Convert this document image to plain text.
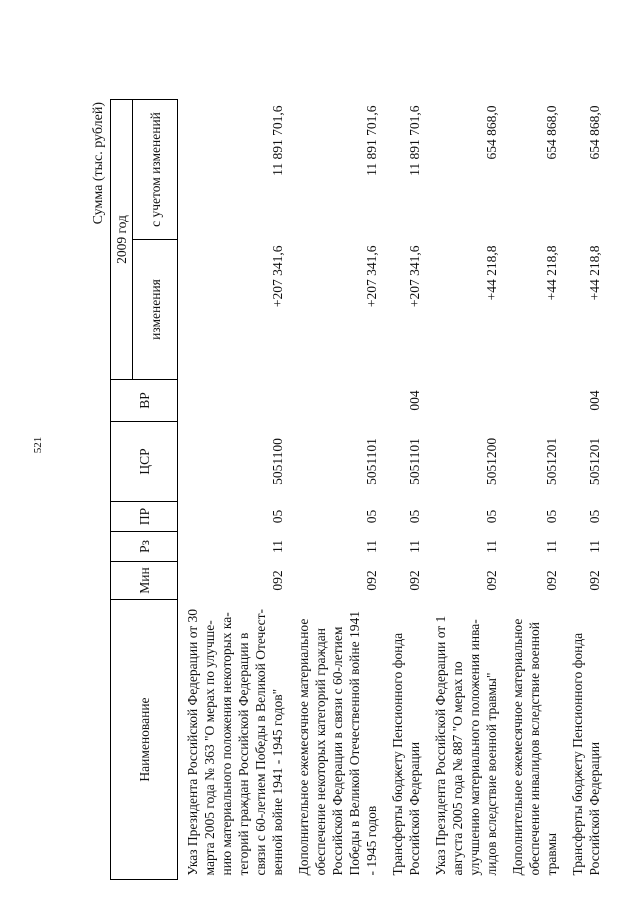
521
Сумма (тыс. рублей)
Наименование	Мин	Рз	ПР	ЦСР	ВР	2009 год	
						изменения	с учетом изменений
Указ Президента Российской Федерации от 30 марта 2005 года № 363 "О мерах по улучше-нию материального положения некоторых ка-тегорий граждан Российской Федерации в связи с 60-летием Победы в Великой Отечест-венной войне 1941 - 1945 годов"	092	11	05	5051100		+207 341,6	11 891 701,6
Дополнительное ежемесячное материальное обеспечение некоторых категорий граждан Российской Федерации в связи с 60-летием Победы в Великой Отечественной войне 1941 - 1945 годов	092	11	05	5051101		+207 341,6	11 891 701,6
Трансферты бюджету Пенсионного фонда Российской Федерации	092	11	05	5051101	004	+207 341,6	11 891 701,6
Указ Президента Российской Федерации от 1 августа 2005 года № 887 "О мерах по улучшению материального положения инва-лидов вследствие военной травмы"	092	11	05	5051200		+44 218,8	654 868,0
Дополнительное ежемесячное материальное обеспечение инвалидов вследствие военной травмы	092	11	05	5051201		+44 218,8	654 868,0
Трансферты бюджету Пенсионного фонда Российской Федерации	092	11	05	5051201	004	+44 218,8	654 868,0
